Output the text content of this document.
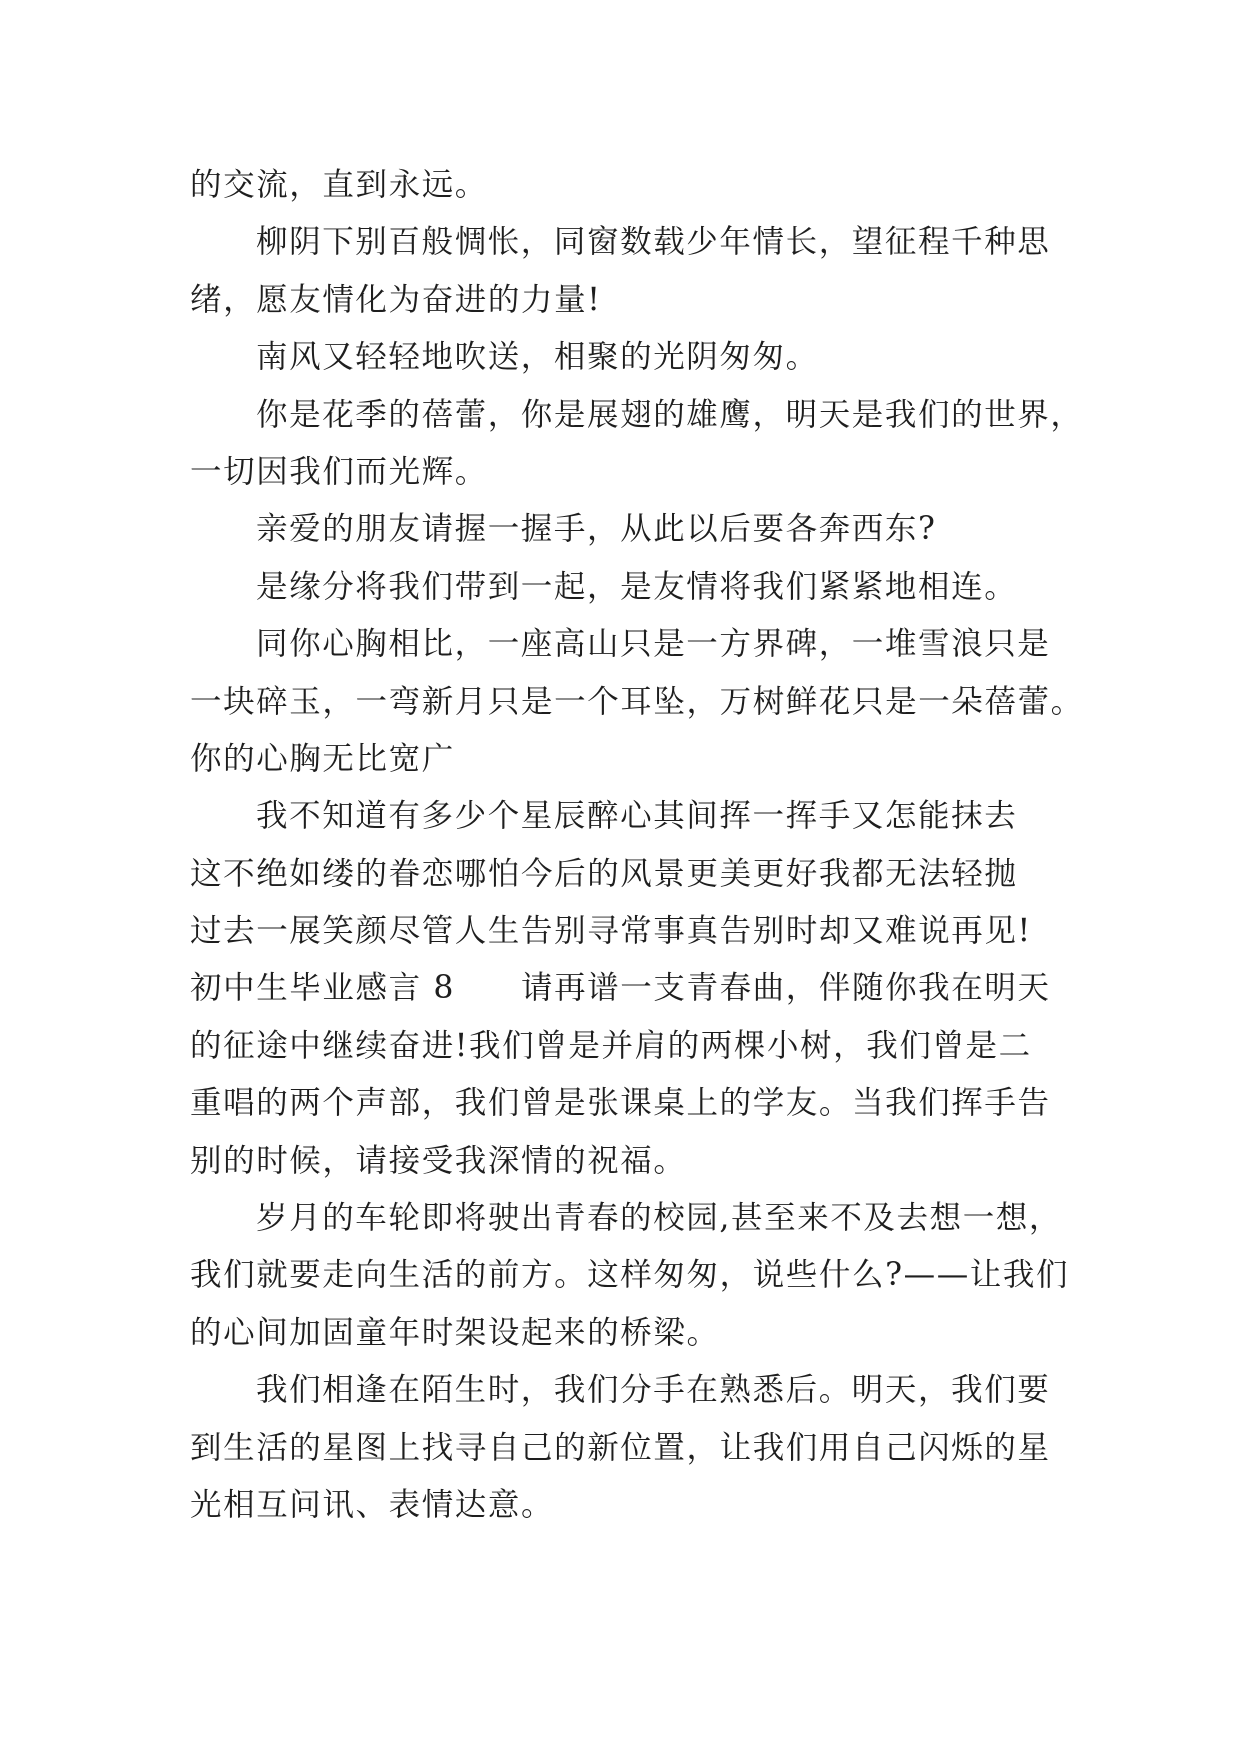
的交流，直到永远。
柳阴下别百般惆怅，同窗数载少年情长，望征程千种思
绪，愿友情化为奋进的力量!
南风又轻轻地吹送，相聚的光阴匆匆。
你是花季的蓓蕾，你是展翅的雄鹰，明天是我们的世界，
一切因我们而光辉。
亲爱的朋友请握一握手，从此以后要各奔西东?
是缘分将我们带到一起，是友情将我们紧紧地相连。
同你心胸相比，一座高山只是一方界碑，一堆雪浪只是
一块碎玉，一弯新月只是一个耳坠，万树鲜花只是一朵蓓蕾。
你的心胸无比宽广
我不知道有多少个星辰醉心其间挥一挥手又怎能抹去
这不绝如缕的眷恋哪怕今后的风景更美更好我都无法轻抛
过去一展笑颜尽管人生告别寻常事真告别时却又难说再见!
初中生毕业感言 8 请再谱一支青春曲，伴随你我在明天
的征途中继续奋进!我们曾是并肩的两棵小树，我们曾是二
重唱的两个声部，我们曾是张课桌上的学友。当我们挥手告
别的时候，请接受我深情的祝福。
岁月的车轮即将驶出青春的校园,甚至来不及去想一想，
我们就要走向生活的前方。这样匆匆，说些什么?——让我们
的心间加固童年时架设起来的桥梁。
我们相逢在陌生时，我们分手在熟悉后。明天，我们要
到生活的星图上找寻自己的新位置，让我们用自己闪烁的星
光相互问讯、表情达意。
